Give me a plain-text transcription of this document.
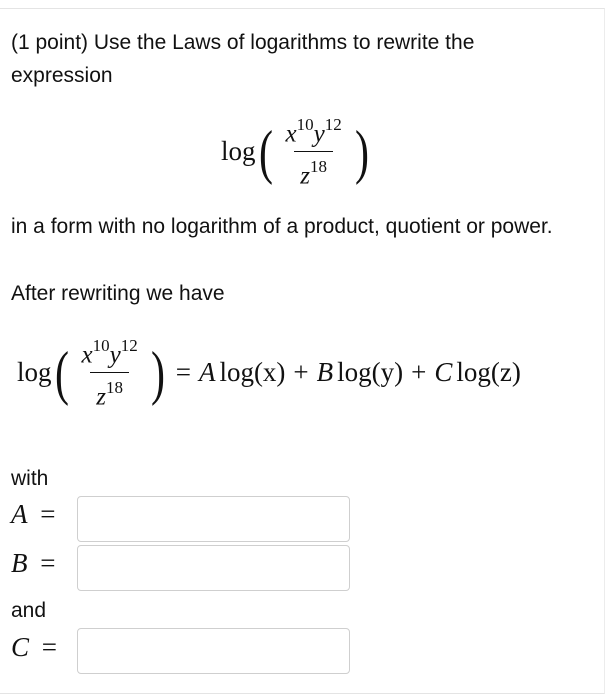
(1 point) Use the Laws of logarithms to rewrite the expression
log ( $\frac{x^{10}y^{12}}{z^{18}}$ )
in a form with no logarithm of a product, quotient or power.
After rewriting we have
log ( $\frac{x^{10}y^{12}}{z^{18}}$ ) = A log(x) + B log(y) + C log(z)
with
A =
B =
and
C =
